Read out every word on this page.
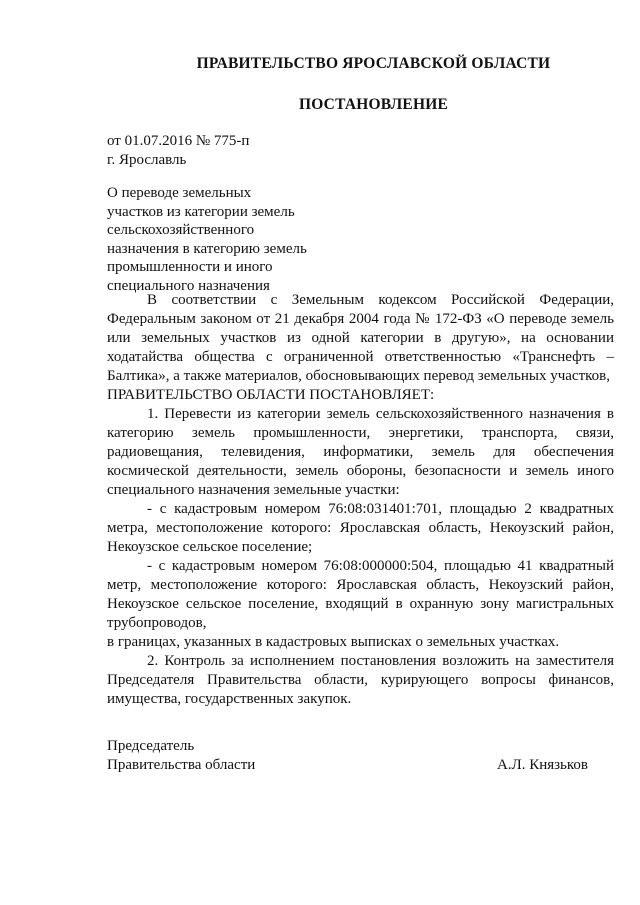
ПРАВИТЕЛЬСТВО ЯРОСЛАВСКОЙ ОБЛАСТИ
ПОСТАНОВЛЕНИЕ
от 01.07.2016 № 775-п
г. Ярославль
О переводе земельных
участков из категории земель
сельскохозяйственного
назначения в категорию земель
промышленности и иного
специального назначения

В соответствии с Земельным кодексом Российской Федерации, Федеральным законом от 21 декабря 2004 года № 172-ФЗ «О переводе земель или земельных участков из одной категории в другую», на основании ходатайства общества с ограниченной ответственностью «Транснефть – Балтика», а также материалов, обосновывающих перевод земельных участков,

ПРАВИТЕЛЬСТВО ОБЛАСТИ ПОСТАНОВЛЯЕТ:

1. Перевести из категории земель сельскохозяйственного назначения в категорию земель промышленности, энергетики, транспорта, связи, радиовещания, телевидения, информатики, земель для обеспечения космической деятельности, земель обороны, безопасности и земель иного специального назначения земельные участки:

- с кадастровым номером 76:08:031401:701, площадью 2 квадратных метра, местоположение которого: Ярославская область, Некоузский район, Некоузское сельское поселение;

- с кадастровым номером 76:08:000000:504, площадью 41 квадратный метр, местоположение которого: Ярославская область, Некоузский район, Некоузское сельское поселение, входящий в охранную зону магистральных трубопроводов,

в границах, указанных в кадастровых выписках о земельных участках.

2. Контроль за исполнением постановления возложить на заместителя Председателя Правительства области, курирующего вопросы финансов, имущества, государственных закупок.

Председатель
Правительства области	А.Л. Князьков
